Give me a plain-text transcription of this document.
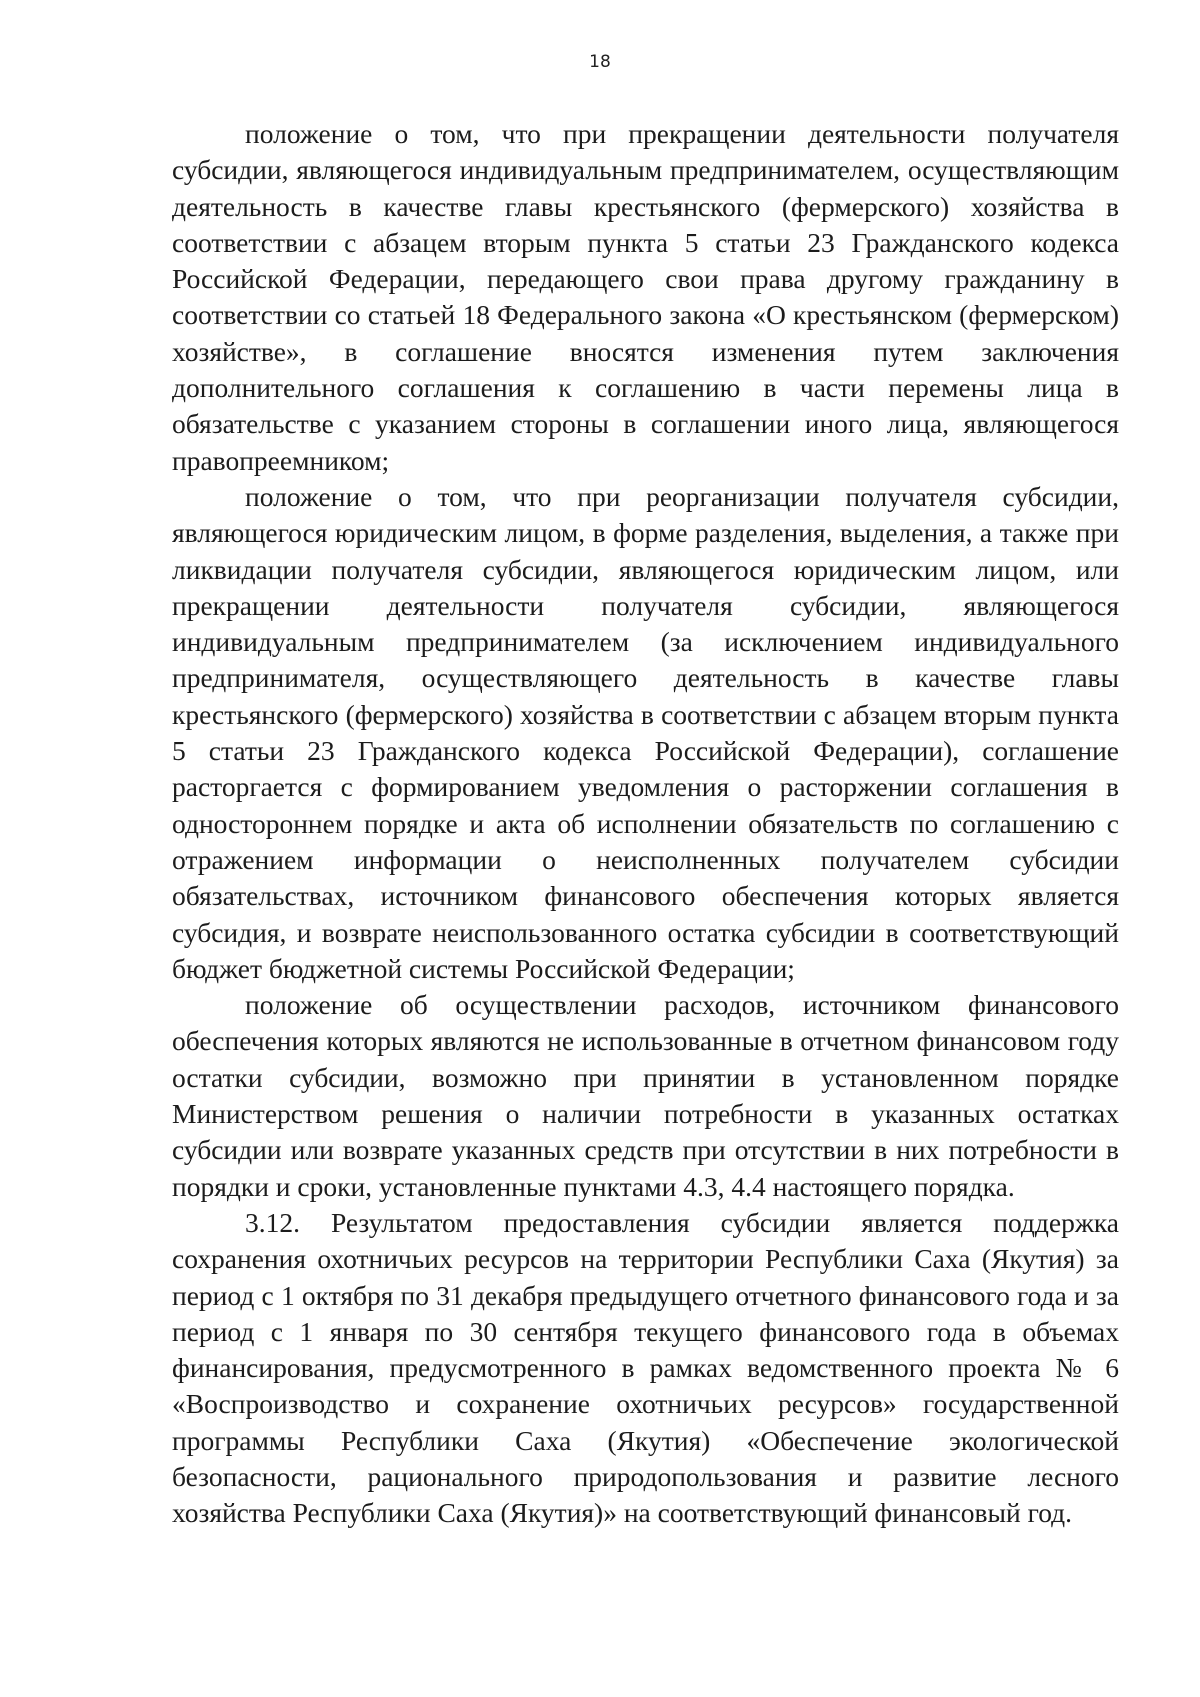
18

положение о том, что при прекращении деятельности получателя субсидии, являющегося индивидуальным предпринимателем, осуществляющим деятельность в качестве главы крестьянского (фермерского) хозяйства в соответствии с абзацем вторым пункта 5 статьи 23 Гражданского кодекса Российской Федерации, передающего свои права другому гражданину в соответствии со статьей 18 Федерального закона «О крестьянском (фермерском) хозяйстве», в соглашение вносятся изменения путем заключения дополнительного соглашения к соглашению в части перемены лица в обязательстве с указанием стороны в соглашении иного лица, являющегося правопреемником;

положение о том, что при реорганизации получателя субсидии, являющегося юридическим лицом, в форме разделения, выделения, а также при ликвидации получателя субсидии, являющегося юридическим лицом, или прекращении деятельности получателя субсидии, являющегося индивидуальным предпринимателем (за исключением индивидуального предпринимателя, осуществляющего деятельность в качестве главы крестьянского (фермерского) хозяйства в соответствии с абзацем вторым пункта 5 статьи 23 Гражданского кодекса Российской Федерации), соглашение расторгается с формированием уведомления о расторжении соглашения в одностороннем порядке и акта об исполнении обязательств по соглашению с отражением информации о неисполненных получателем субсидии обязательствах, источником финансового обеспечения которых является субсидия, и возврате неиспользованного остатка субсидии в соответствующий бюджет бюджетной системы Российской Федерации;

положение об осуществлении расходов, источником финансового обеспечения которых являются не использованные в отчетном финансовом году остатки субсидии, возможно при принятии в установленном порядке Министерством решения о наличии потребности в указанных остатках субсидии или возврате указанных средств при отсутствии в них потребности в порядки и сроки, установленные пунктами 4.3, 4.4 настоящего порядка.

3.12. Результатом предоставления субсидии является поддержка сохранения охотничьих ресурсов на территории Республики Саха (Якутия) за период с 1 октября по 31 декабря предыдущего отчетного финансового года и за период с 1 января по 30 сентября текущего финансового года в объемах финансирования, предусмотренного в рамках ведомственного проекта № 6 «Воспроизводство и сохранение охотничьих ресурсов» государственной программы Республики Саха (Якутия) «Обеспечение экологической безопасности, рационального природопользования и развитие лесного хозяйства Республики Саха (Якутия)» на соответствующий финансовый год.
